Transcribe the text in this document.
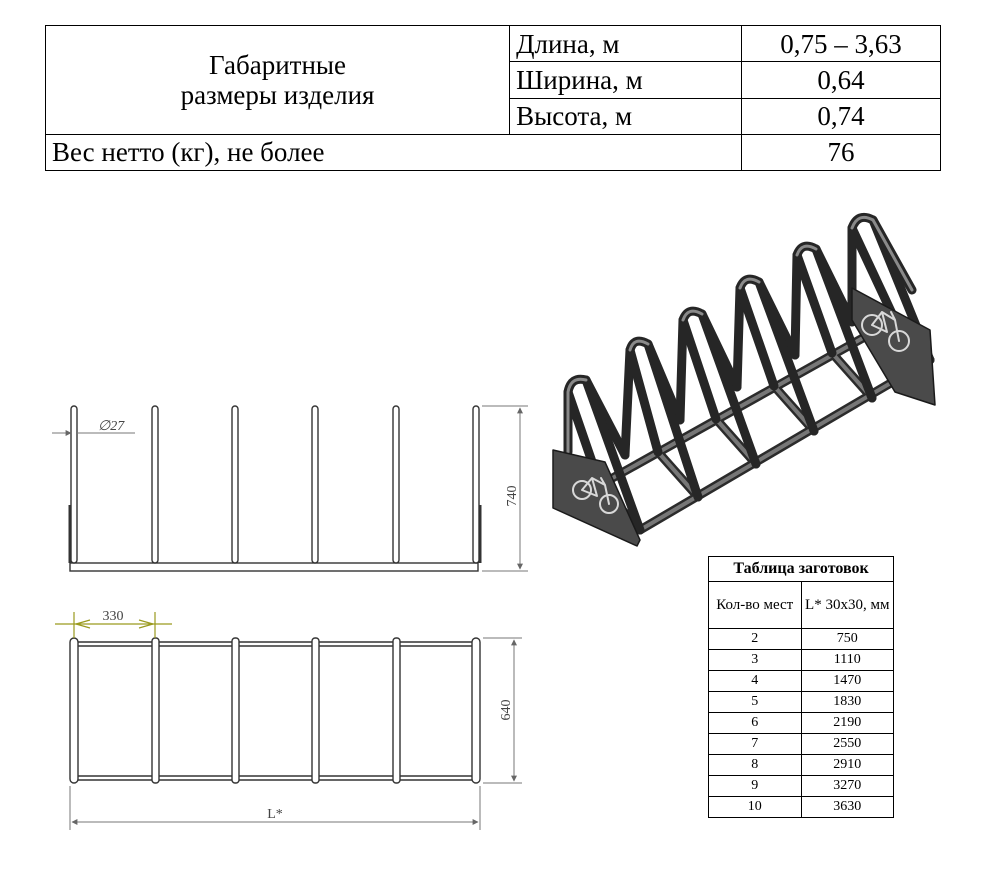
Габаритные размеры изделия	Длина, м	0,75 – 3,63
	Ширина, м	0,64
	Высота, м	0,74
Вес нетто (кг), не более		76
∅27
740
330
640
L*
Таблица заготовок	
Кол-во мест	L* 30х30, мм
2	750
3	1110
4	1470
5	1830
6	2190
7	2550
8	2910
9	3270
10	3630
